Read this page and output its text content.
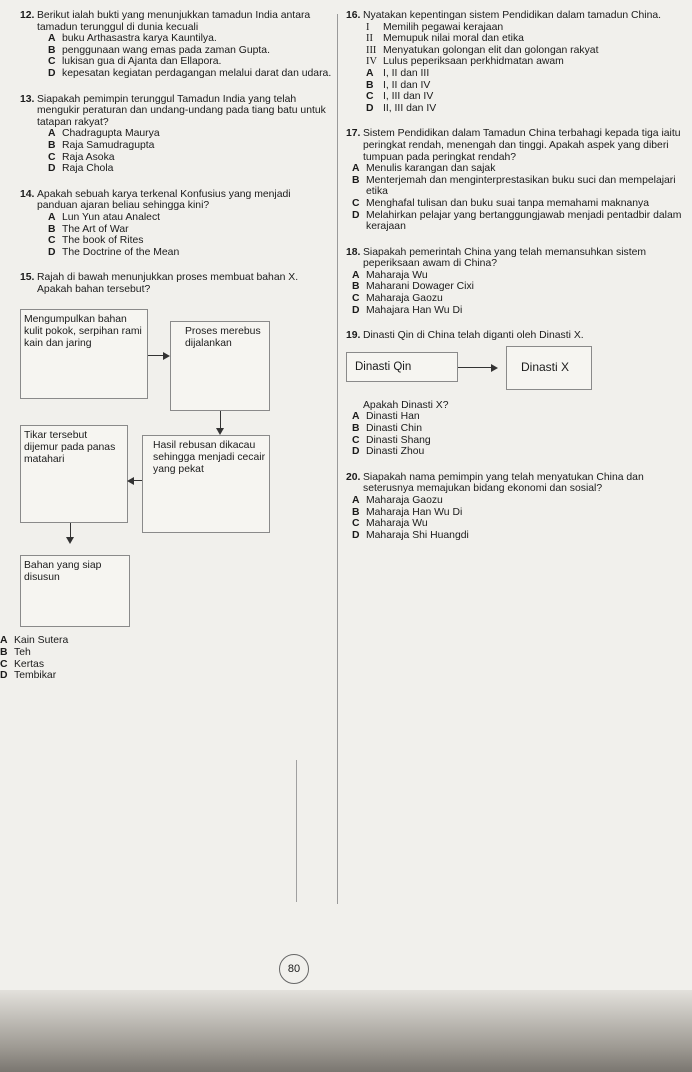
12. Berikut ialah bukti yang menunjukkan tamadun India antara tamadun terunggul di dunia kecuali
A buku Arthasastra karya Kauntilya.
B penggunaan wang emas pada zaman Gupta.
C lukisan gua di Ajanta dan Ellapora.
D kepesatan kegiatan perdagangan melalui darat dan udara.
13. Siapakah pemimpin terunggul Tamadun India yang telah mengukir peraturan dan undang-undang pada tiang batu untuk tatapan rakyat?
A Chadragupta Maurya
B Raja Samudragupta
C Raja Asoka
D Raja Chola
14. Apakah sebuah karya terkenal Konfusius yang menjadi panduan ajaran beliau sehingga kini?
A Lun Yun atau Analect
B The Art of War
C The book of Rites
D The Doctrine of the Mean
15. Rajah di bawah menunjukkan proses membuat bahan X. Apakah bahan tersebut?
Mengumpulkan bahan kulit pokok, serpihan rami kain dan jaring
Proses merebus dijalankan
Tikar tersebut dijemur pada panas matahari
Hasil rebusan dikacau sehingga menjadi cecair yang pekat
Bahan yang siap disusun
A Kain Sutera
B Teh
C Kertas
D Tembikar
16. Nyatakan kepentingan sistem Pendidikan dalam tamadun China.
I	Memilih pegawai kerajaan
II Memupuk nilai moral dan etika
III Menyatukan golongan elit dan golongan rakyat
IV Lulus peperiksaan perkhidmatan awam
A I, II dan III
B I, II dan IV
C I, III dan IV
D II, III dan IV
17. Sistem Pendidikan dalam Tamadun China terbahagi kepada tiga iaitu peringkat rendah, menengah dan tinggi. Apakah aspek yang diberi tumpuan pada peringkat rendah?
A Menulis karangan dan sajak
B Menterjemah dan menginterprestasikan buku suci dan mempelajari etika
C Menghafal tulisan dan buku suai tanpa memahami maknanya
D Melahirkan pelajar yang bertanggungjawab menjadi pentadbir dalam kerajaan
18. Siapakah pemerintah China yang telah memansuhkan sistem peperiksaan awam di China?
A Maharaja Wu
B Maharani Dowager Cixi
C Maharaja Gaozu
D Mahajara Han Wu Di
19. Dinasti Qin di China telah diganti oleh Dinasti X.
Dinasti Qin	Dinasti X
Apakah Dinasti X?
A Dinasti Han
B Dinasti Chin
C Dinasti Shang
D Dinasti Zhou
20. Siapakah nama pemimpin yang telah menyatukan China dan seterusnya memajukan bidang ekonomi dan sosial?
A Maharaja Gaozu
B Maharaja Han Wu Di
C Maharaja Wu
D Maharaja Shi Huangdi
80
